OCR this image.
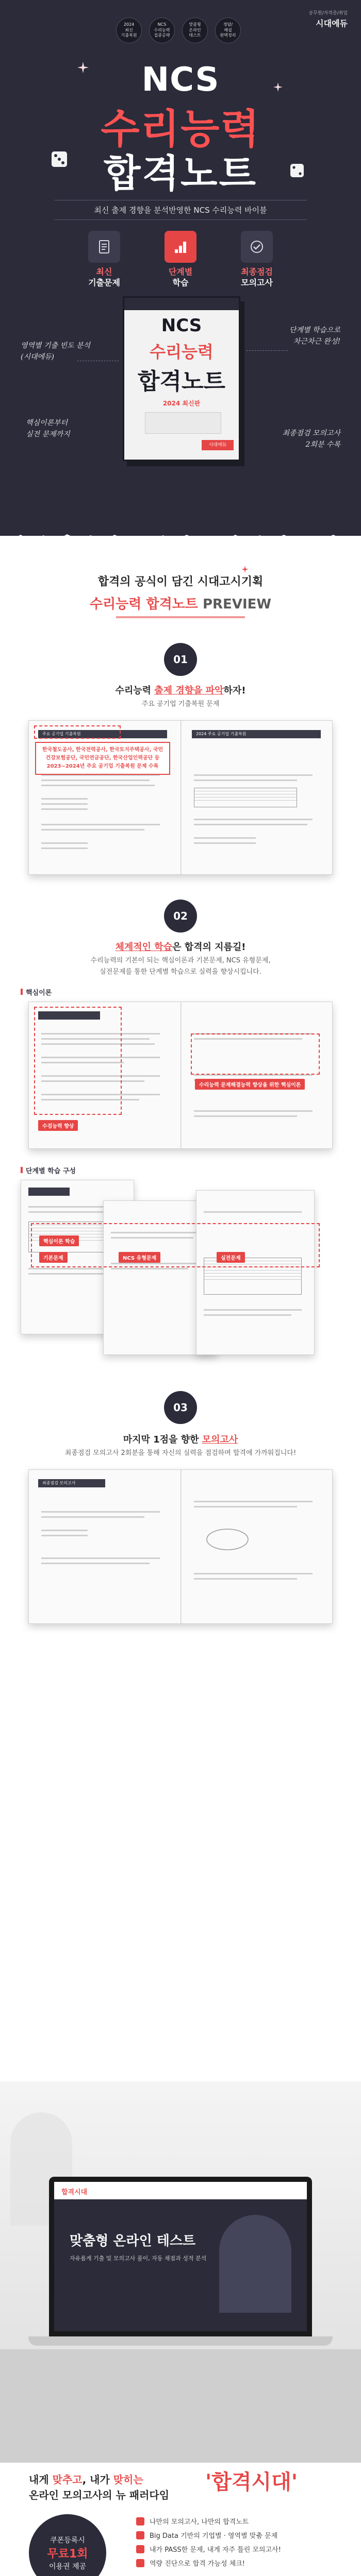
공무원/자격증/취업
시대에듀
2024
최신
기출복원
NCS
수리능력
집중공략
맞춤형
온라인
테스트
정답/
해설
완벽정리
NCS
수리능력
합격노트
최신 출제 경향을 분석반영한 NCS 수리능력 바이블
최신
기출문제
단계별
학습
최종점검
모의고사
영역별 기출 빈도 분석
(시대에듀)
핵심이론부터
실전 문제까지
단계별 학습으로
차근차근 완성!
최종점검 모의고사
2회분 수록
NCS
수리능력
합격노트
2024 최신판
시대에듀
합격의 공식이 담긴 시대고시기획
수리능력 합격노트 PREVIEW
01
수리능력 출제 경향을 파악하자!
주요 공기업 기출복원 문제
주요 공기업 기출복원	2024 주요 공기업 기출복원
한국철도공사, 한국전력공사, 한국토지주택공사, 국민건강보험공단, 국민연금공단, 한국산업인력공단 등 2023~2024년 주요 공기업 기출복원 문제 수록
02
체계적인 학습은 합격의 지름길!
수리능력의 기본이 되는 핵심이론과 기본문제, NCS 유형문제,
실전문제를 통한 단계별 학습으로 실력을 향상시킵니다.
핵심이론
수검능력 향상
수리능력 문제해결능력 향상을 위한 핵심이론
단계별 학습 구성
핵심이론 학습
기본문제	NCS 유형문제	실전문제
03
마지막 1점을 향한 모의고사
최종점검 모의고사 2회분을 통해 자신의 실력을 점검하며 합격에 가까워집니다!
최종점검 모의고사
합격시대
맞춤형 온라인 테스트
자유롭게 기출 및 모의고사 풀이, 자동 채점과 성적 분석
내게 맞추고, 내가 맞히는
온라인 모의고사의 뉴 패러다임
'합격시대'
쿠폰등록시
무료1회
이용권 제공
나만의 모의고사, 나만의 합격노트
Big Data 기반의 기업별 · 영역별 맞춤 문제
내가 PASS한 문제, 내게 자주 틀린 모의고사!
역량 진단으로 합격 가능성 체크!
